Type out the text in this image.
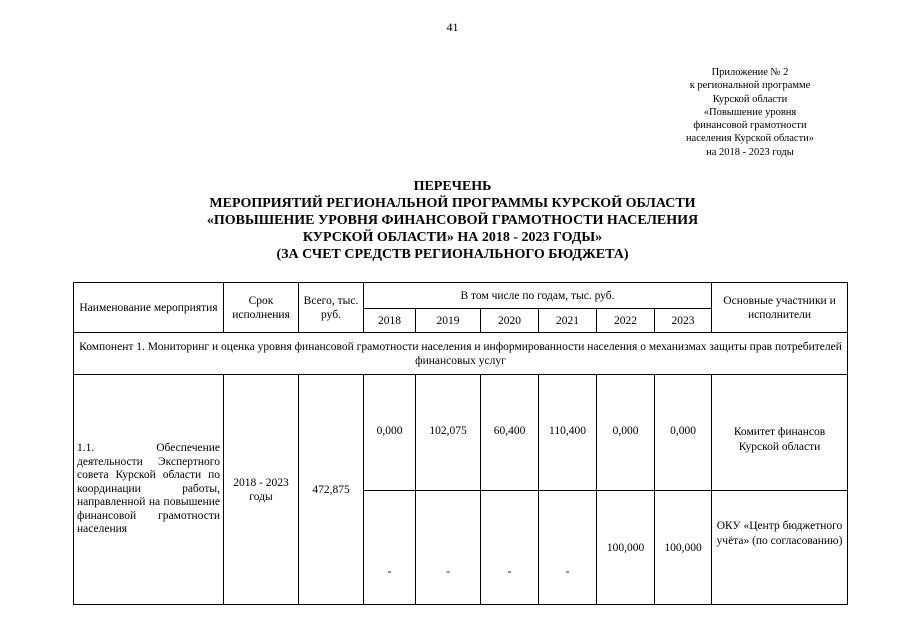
41
Приложение № 2
к региональной программе
Курской области
«Повышение уровня
финансовой грамотности
населения Курской области»
на 2018 - 2023 годы
ПЕРЕЧЕНЬ
МЕРОПРИЯТИЙ РЕГИОНАЛЬНОЙ ПРОГРАММЫ КУРСКОЙ ОБЛАСТИ
«ПОВЫШЕНИЕ УРОВНЯ ФИНАНСОВОЙ ГРАМОТНОСТИ НАСЕЛЕНИЯ
КУРСКОЙ ОБЛАСТИ» НА 2018 - 2023 ГОДЫ»
(ЗА СЧЕТ СРЕДСТВ РЕГИОНАЛЬНОГО БЮДЖЕТА)
Наименование мероприятия	Срок исполнения	Всего, тыс. руб.	В том числе по годам, тыс. руб.						Основные участники и исполнители
			2018	2019	2020	2021	2022	2023	
Компонент 1. Мониторинг и оценка уровня финансовой грамотности населения и информированности населения о механизмах защиты прав потребителей финансовых услуг									
1.1. Обеспечение деятельности Экспертного совета Курской области по координации работы, направленной на повышение финансовой грамотности населения	2018 - 2023 годы	472,875	0,000	102,075	60,400	110,400	0,000	0,000	Комитет финансов Курской области
			-	-	-	-	100,000	100,000	ОКУ «Центр бюджетного учёта» (по согласованию)
